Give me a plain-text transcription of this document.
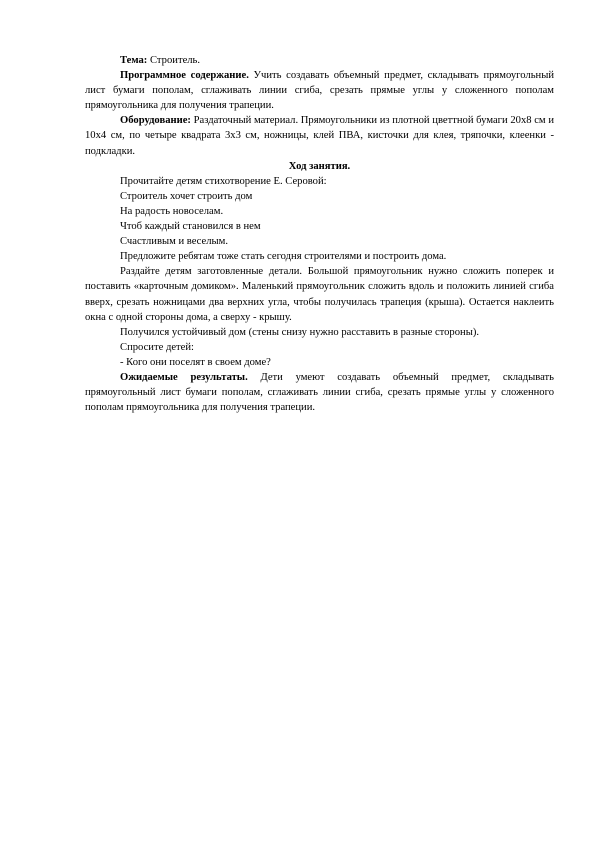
Тема: Строитель.

Программное содержание. Учить создавать объемный предмет, складывать прямоугольный лист бумаги пополам, сглаживать линии сгиба, срезать прямые углы у сложенного пополам прямоугольника для получения трапеции.

Оборудование: Раздаточный материал. Прямоугольники из плотной цветтной бумаги 20х8 см и 10х4 см, по четыре квадрата 3х3 см, ножницы, клей ПВА, кисточки для клея, тряпочки, клеенки - подкладки.

Ход занятия.

Прочитайте детям стихотворение Е. Серовой:

Строитель хочет строить дом

На радость новоселам.

Чтоб каждый становился в нем

Счастливым и веселым.

Предложите ребятам тоже стать сегодня строителями и построить дома.

Раздайте детям заготовленные детали. Большой прямоугольник нужно сложить поперек и поставить «карточным домиком». Маленький прямоугольник сложить вдоль и положить линией сгиба вверх, срезать ножницами два верхних угла, чтобы получилась трапеция (крыша). Остается наклеить окна с одной стороны дома, а сверху - крышу.

Получился устойчивый дом (стены снизу нужно расставить в разные стороны).

Спросите детей:

- Кого они поселят в своем доме?

Ожидаемые результаты. Дети умеют создавать объемный предмет, складывать прямоугольный лист бумаги пополам, сглаживать линии сгиба, срезать прямые углы у сложенного пополам прямоугольника для получения трапеции.
